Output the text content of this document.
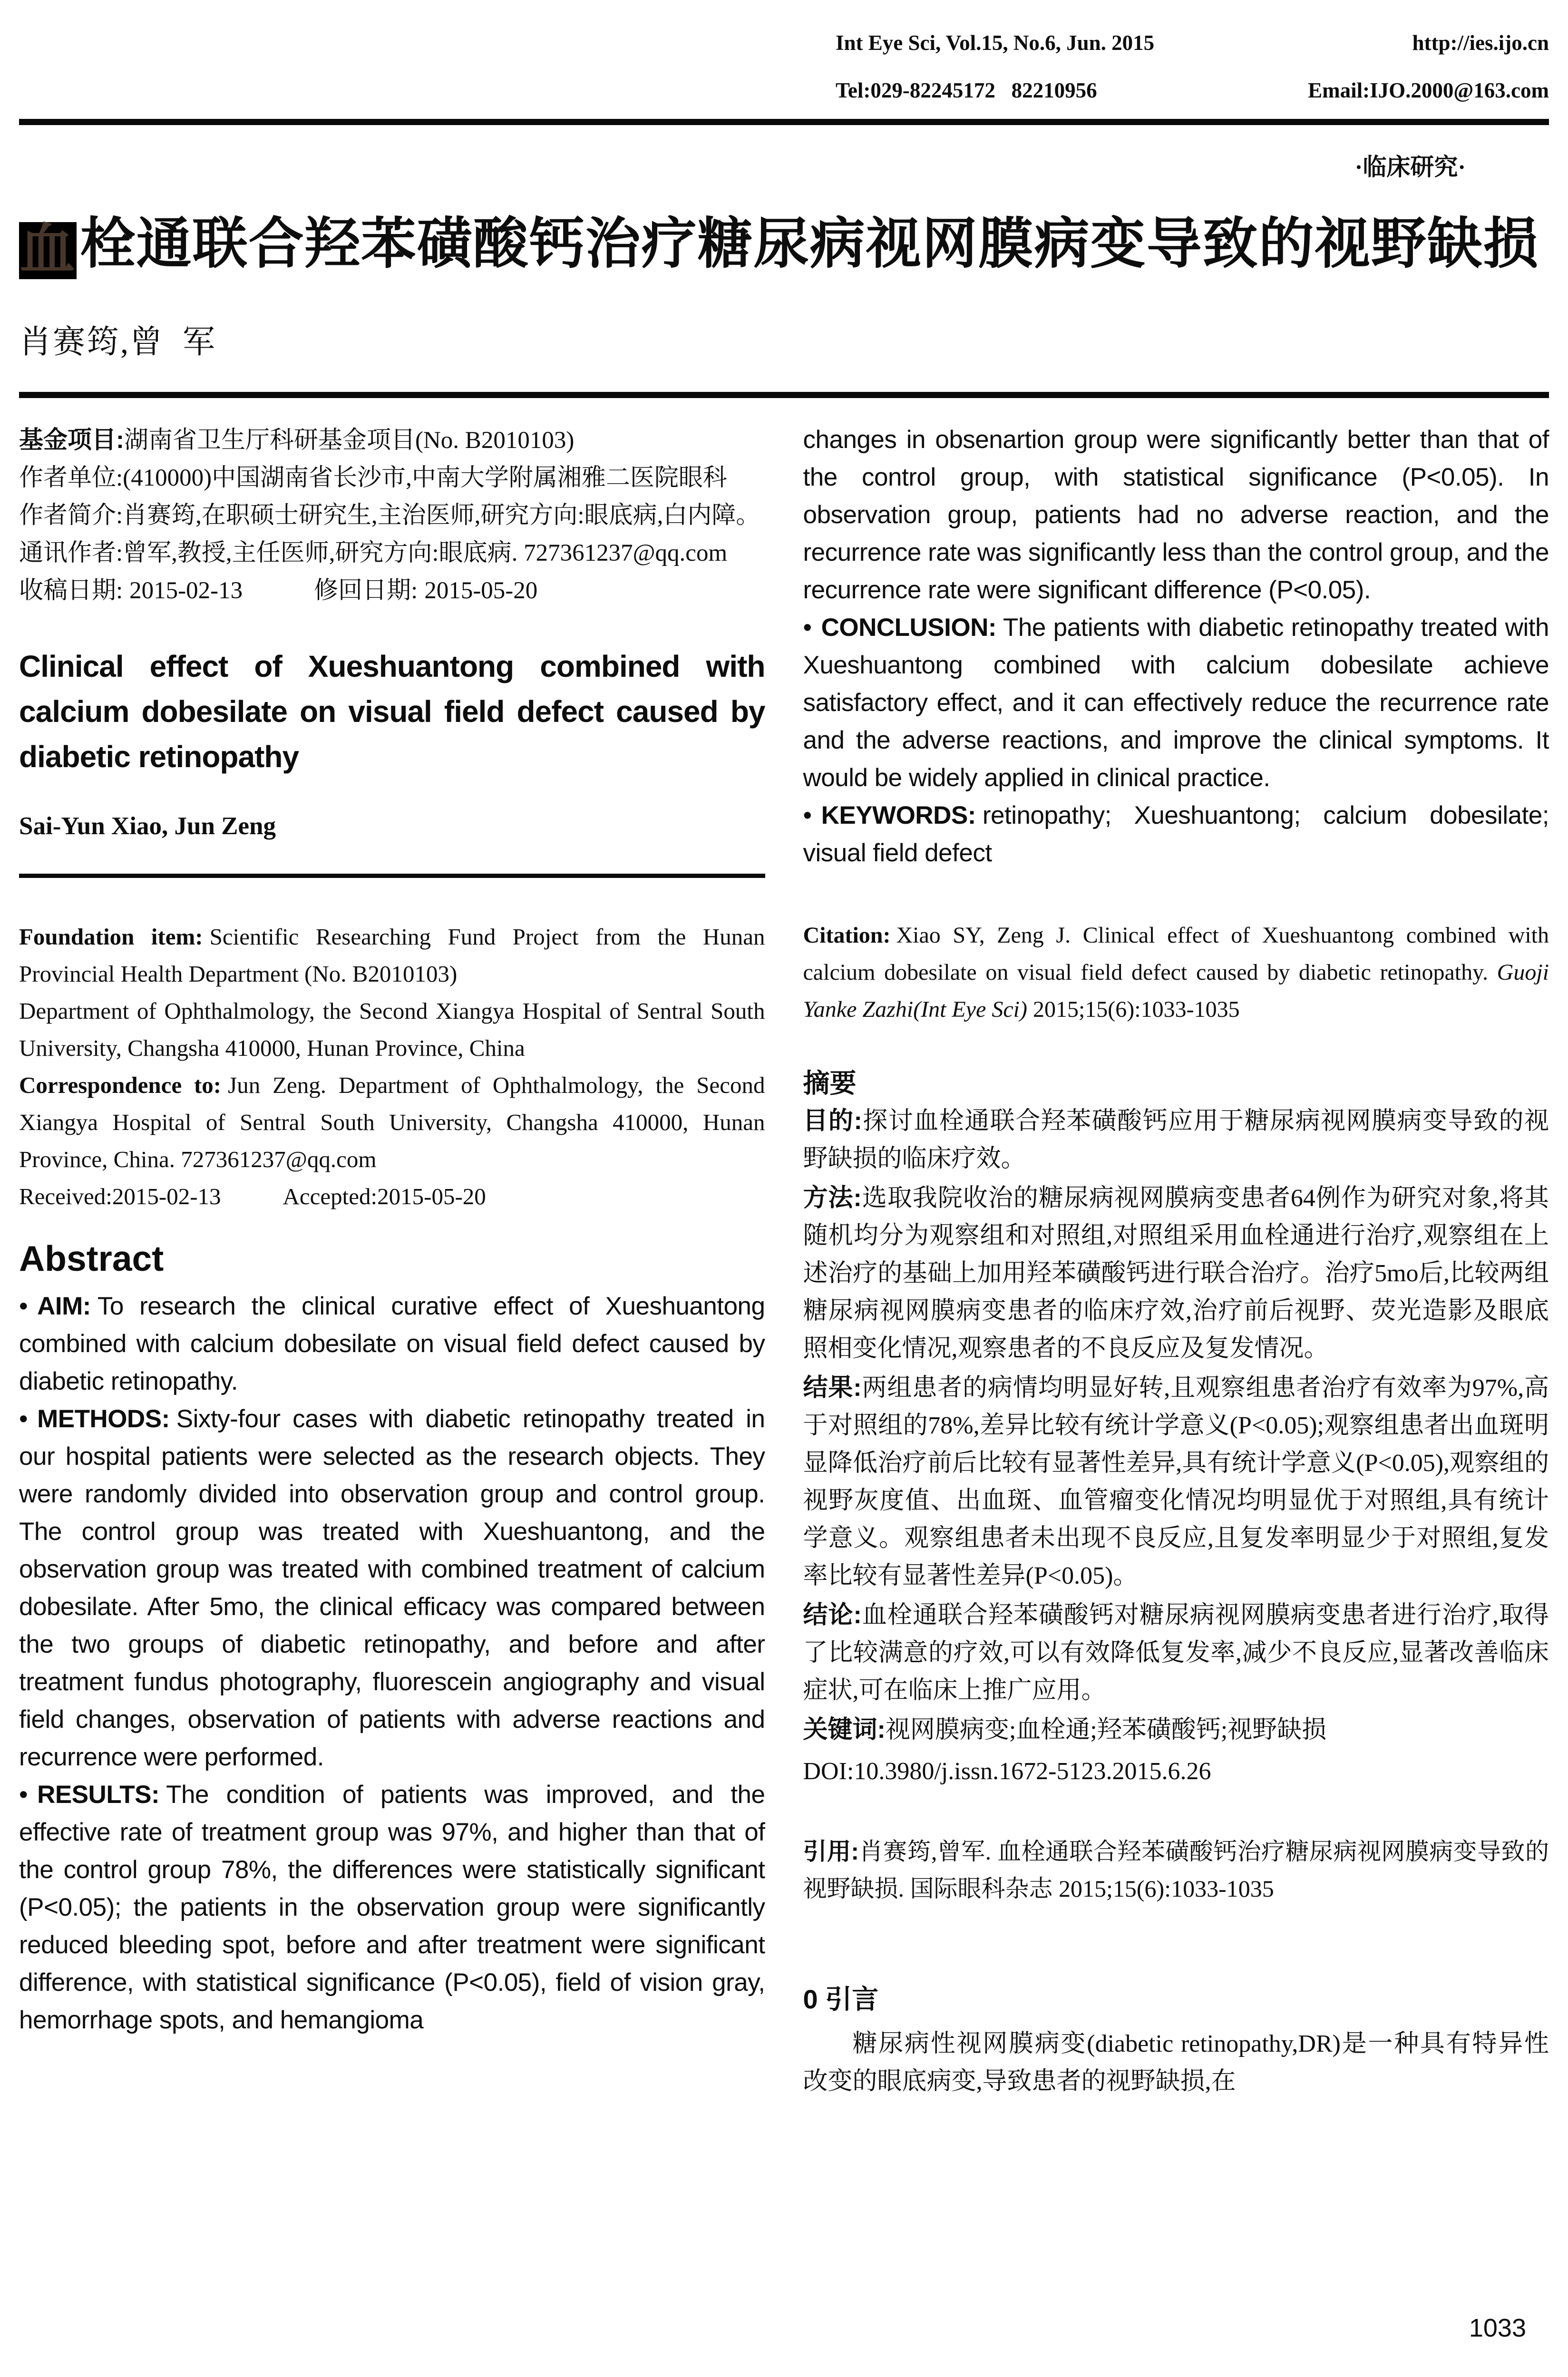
Int Eye Sci, Vol.15, No.6, Jun. 2015	http://ies.ijo.cn
Tel:029-82245172   82210956	Email:IJO.2000@163.com
·临床研究·
血栓通联合羟苯磺酸钙治疗糖尿病视网膜病变导致的视野缺损
肖赛筠,曾  军

基金项目:湖南省卫生厅科研基金项目(No. B2010103)

作者单位:(410000)中国湖南省长沙市,中南大学附属湘雅二医院眼科

作者简介:肖赛筠,在职硕士研究生,主治医师,研究方向:眼底病,白内障。

通讯作者:曾军,教授,主任医师,研究方向:眼底病. 727361237@qq.com

收稿日期: 2015-02-13	修回日期: 2015-05-20

Clinical effect of Xueshuantong combined with calcium dobesilate on visual field defect caused by diabetic retinopathy
Sai-Yun Xiao, Jun Zeng

Foundation item: Scientific Researching Fund Project from the Hunan Provincial Health Department (No. B2010103)

Department of Ophthalmology, the Second Xiangya Hospital of Sentral South University, Changsha 410000, Hunan Province, China

Correspondence to: Jun Zeng. Department of Ophthalmology, the Second Xiangya Hospital of Sentral South University, Changsha 410000, Hunan Province, China. 727361237@qq.com

Received:2015-02-13	Accepted:2015-05-20

Abstract

• AIM: To research the clinical curative effect of Xueshuantong combined with calcium dobesilate on visual field defect caused by diabetic retinopathy.

• METHODS: Sixty-four cases with diabetic retinopathy treated in our hospital patients were selected as the research objects. They were randomly divided into observation group and control group. The control group was treated with Xueshuantong, and the observation group was treated with combined treatment of calcium dobesilate. After 5mo, the clinical efficacy was compared between the two groups of diabetic retinopathy, and before and after treatment fundus photography, fluorescein angiography and visual field changes, observation of patients with adverse reactions and recurrence were performed.

• RESULTS: The condition of patients was improved, and the effective rate of treatment group was 97%, and higher than that of the control group 78%, the differences were statistically significant (P<0.05); the patients in the observation group were significantly reduced bleeding spot, before and after treatment were significant difference, with statistical significance (P<0.05), field of vision gray, hemorrhage spots, and hemangioma

changes in obsenartion group were significantly better than that of the control group, with statistical significance (P<0.05). In observation group, patients had no adverse reaction, and the recurrence rate was significantly less than the control group, and the recurrence rate were significant difference (P<0.05).

• CONCLUSION: The patients with diabetic retinopathy treated with Xueshuantong combined with calcium dobesilate achieve satisfactory effect, and it can effectively reduce the recurrence rate and the adverse reactions, and improve the clinical symptoms. It would be widely applied in clinical practice.

• KEYWORDS: retinopathy; Xueshuantong; calcium dobesilate; visual field defect

Citation: Xiao SY, Zeng J. Clinical effect of Xueshuantong combined with calcium dobesilate on visual field defect caused by diabetic retinopathy. Guoji Yanke Zazhi(Int Eye Sci) 2015;15(6):1033-1035
摘要

目的:探讨血栓通联合羟苯磺酸钙应用于糖尿病视网膜病变导致的视野缺损的临床疗效。

方法:选取我院收治的糖尿病视网膜病变患者64例作为研究对象,将其随机均分为观察组和对照组,对照组采用血栓通进行治疗,观察组在上述治疗的基础上加用羟苯磺酸钙进行联合治疗。治疗5mo后,比较两组糖尿病视网膜病变患者的临床疗效,治疗前后视野、荧光造影及眼底照相变化情况,观察患者的不良反应及复发情况。

结果:两组患者的病情均明显好转,且观察组患者治疗有效率为97%,高于对照组的78%,差异比较有统计学意义(P<0.05);观察组患者出血斑明显降低治疗前后比较有显著性差异,具有统计学意义(P<0.05),观察组的视野灰度值、出血斑、血管瘤变化情况均明显优于对照组,具有统计学意义。观察组患者未出现不良反应,且复发率明显少于对照组,复发率比较有显著性差异(P<0.05)。

结论:血栓通联合羟苯磺酸钙对糖尿病视网膜病变患者进行治疗,取得了比较满意的疗效,可以有效降低复发率,减少不良反应,显著改善临床症状,可在临床上推广应用。

关键词:视网膜病变;血栓通;羟苯磺酸钙;视野缺损

DOI:10.3980/j.issn.1672-5123.2015.6.26

引用:肖赛筠,曾军. 血栓通联合羟苯磺酸钙治疗糖尿病视网膜病变导致的视野缺损. 国际眼科杂志 2015;15(6):1033-1035

0 引言

糖尿病性视网膜病变(diabetic retinopathy,DR)是一种具有特异性改变的眼底病变,导致患者的视野缺损,在

1033
